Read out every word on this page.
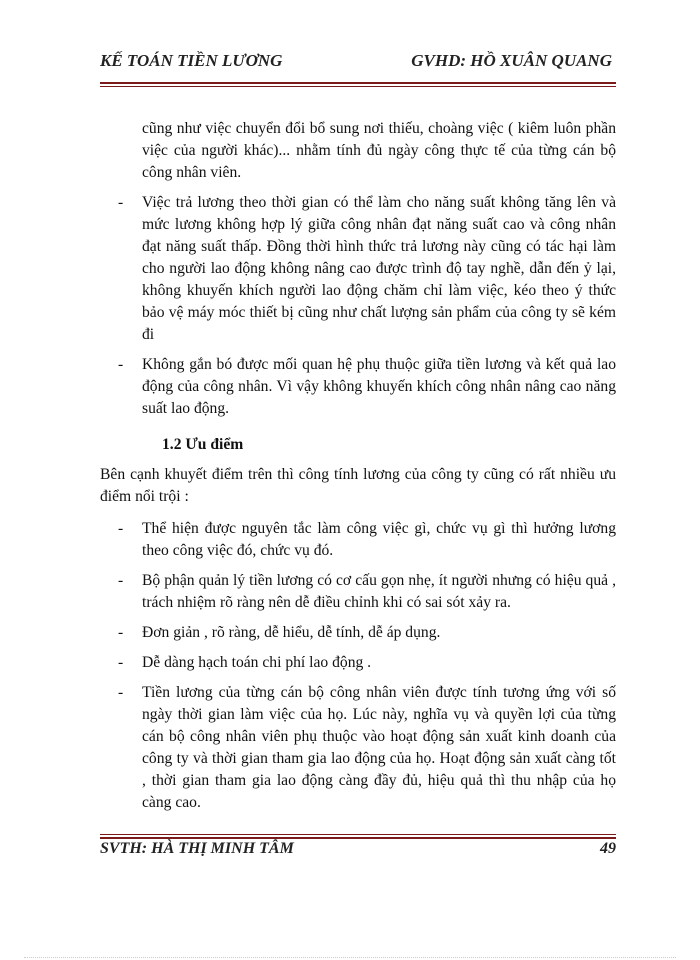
KẾ TOÁN TIỀN LƯƠNG	GVHD: HỒ XUÂN QUANG
cũng như việc chuyển đổi bổ sung nơi thiếu, choàng việc ( kiêm luôn phần việc của người khác)... nhằm tính đủ ngày công thực tế của từng cán bộ công nhân viên.
-	Việc trả lương theo thời gian có thể làm cho năng suất không tăng lên và mức lương không hợp lý giữa công nhân đạt năng suất cao và công nhân đạt năng suất thấp. Đồng thời hình thức trả lương này cũng có tác hại làm cho người lao động không nâng cao được trình độ tay nghề, dẫn đến ỷ lại, không khuyến khích người lao động chăm chỉ làm việc, kéo theo ý thức bảo vệ máy móc thiết bị cũng như chất lượng sản phẩm của công ty sẽ kém đi
-	Không gắn bó được mối quan hệ phụ thuộc giữa tiền lương và kết quả lao động của công nhân. Vì vậy không khuyến khích công nhân nâng cao năng suất lao động.
1.2 Ưu điểm
Bên cạnh khuyết điểm trên thì công tính lương của công ty cũng có rất nhiều ưu điểm nổi trội :
-	Thể hiện được nguyên tắc làm công việc gì, chức vụ gì thì hưởng lương theo công việc đó, chức vụ đó.
-	Bộ phận quản lý tiền lương có cơ cấu gọn nhẹ, ít người nhưng có hiệu quả , trách nhiệm rõ ràng nên dễ điều chỉnh khi có sai sót xảy ra.
-	Đơn giản , rõ ràng, dễ hiểu, dễ tính, dễ áp dụng.
-	Dễ dàng hạch toán chi phí lao động .
-	Tiền lương của từng cán bộ công nhân viên được tính tương ứng với số ngày thời gian làm việc của họ. Lúc này, nghĩa vụ và quyền lợi của từng cán bộ công nhân viên phụ thuộc vào hoạt động sản xuất kinh doanh của công ty và thời gian tham gia lao động của họ. Hoạt động sản xuất càng tốt , thời gian tham gia lao động càng đầy đủ, hiệu quả thì thu nhập của họ càng cao.
SVTH: HÀ THỊ MINH TÂM	49
